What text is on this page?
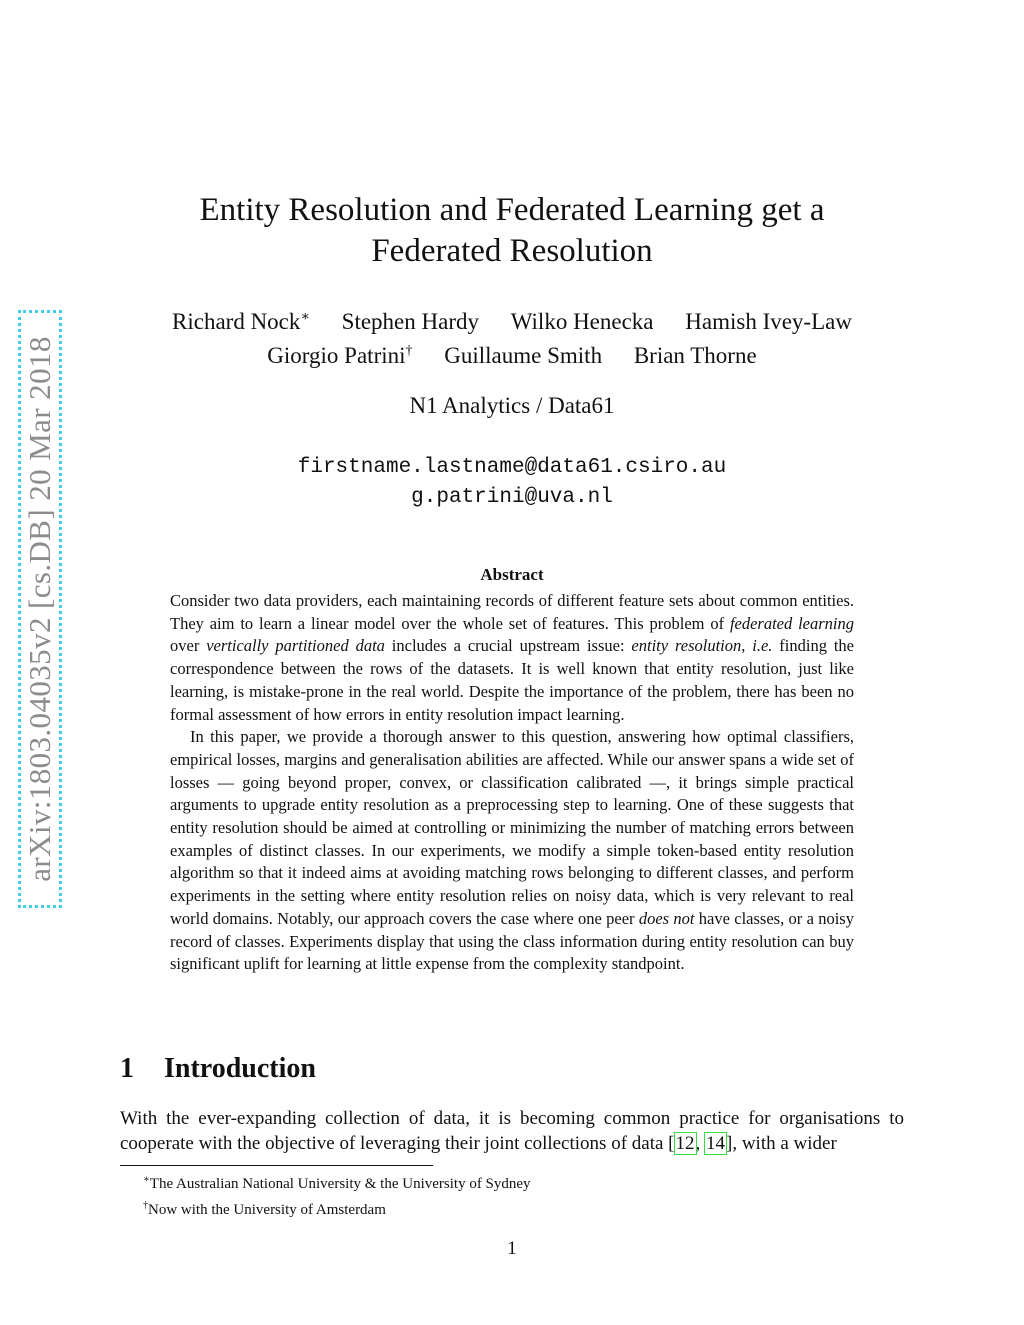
arXiv:1803.04035v2 [cs.DB] 20 Mar 2018
Entity Resolution and Federated Learning get a
Federated Resolution
Richard Nock∗ Stephen Hardy Wilko Henecka Hamish Ivey-Law
Giorgio Patrini† Guillaume Smith Brian Thorne
N1 Analytics / Data61
firstname.lastname@data61.csiro.au
g.patrini@uva.nl
Abstract

Consider two data providers, each maintaining records of different feature sets about common entities. They aim to learn a linear model over the whole set of features. This problem of federated learning over vertically partitioned data includes a crucial upstream issue: entity resolution, i.e. finding the correspondence between the rows of the datasets. It is well known that entity resolution, just like learning, is mistake-prone in the real world. Despite the importance of the problem, there has been no formal assessment of how errors in entity resolution impact learning.

In this paper, we provide a thorough answer to this question, answering how optimal classifiers, empirical losses, margins and generalisation abilities are affected. While our answer spans a wide set of losses — going beyond proper, convex, or classification calibrated —, it brings simple practical arguments to upgrade entity resolution as a preprocessing step to learning. One of these suggests that entity resolution should be aimed at controlling or minimizing the number of matching errors between examples of distinct classes. In our experiments, we modify a simple token-based entity resolution algorithm so that it indeed aims at avoiding matching rows belonging to different classes, and perform experiments in the setting where entity resolution relies on noisy data, which is very relevant to real world domains. Notably, our approach covers the case where one peer does not have classes, or a noisy record of classes. Experiments display that using the class information during entity resolution can buy significant uplift for learning at little expense from the complexity standpoint.

1 Introduction

With the ever-expanding collection of data, it is becoming common practice for organisations to cooperate with the objective of leveraging their joint collections of data [12, 14], with a wider

∗The Australian National University & the University of Sydney
†Now with the University of Amsterdam
1
